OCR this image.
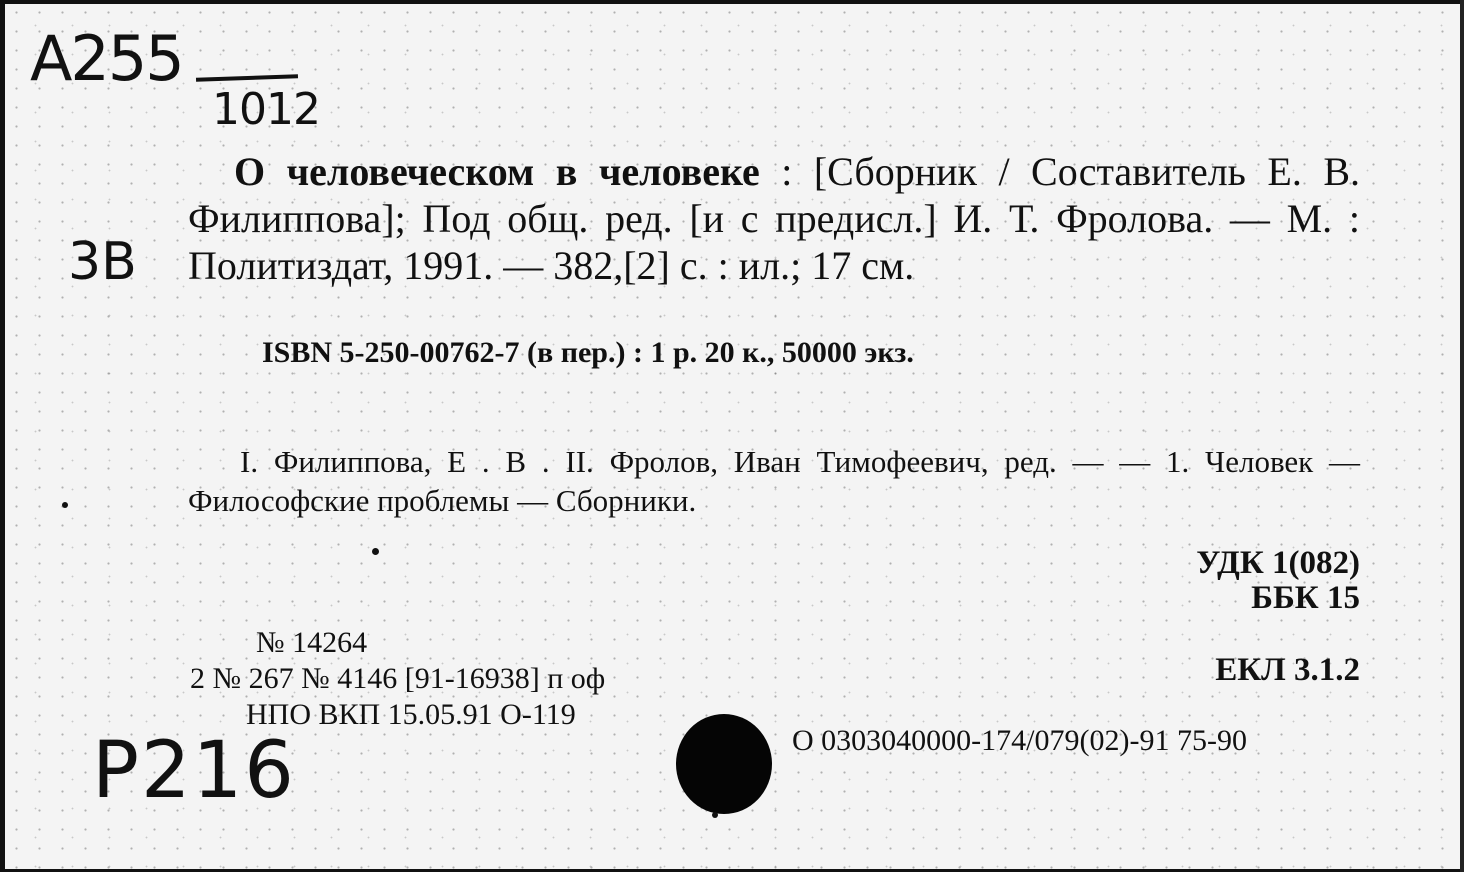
А255
1012
3В
О человеческом в человеке : [Сборник / Составитель Е. В. Филиппова]; Под общ. ред. [и с предисл.] И. Т. Фролова. — М. : Политиздат, 1991. — 382,[2] с. : ил.; 17 см.
ISBN 5-250-00762-7 (в пер.) : 1 р. 20 к., 50000 экз.
I. Филиппова, Е . В . II. Фролов, Иван Тимофеевич, ред. — — 1. Человек — Философские проблемы — Сборники.
УДК 1(082)
ББК 15
ЕКЛ 3.1.2
№ 14264
2 № 267 № 4146 [91-16938] п оф
НПО ВКП 15.05.91 О-119
О 0303040000-174/079(02)-91 75-90
Р216
